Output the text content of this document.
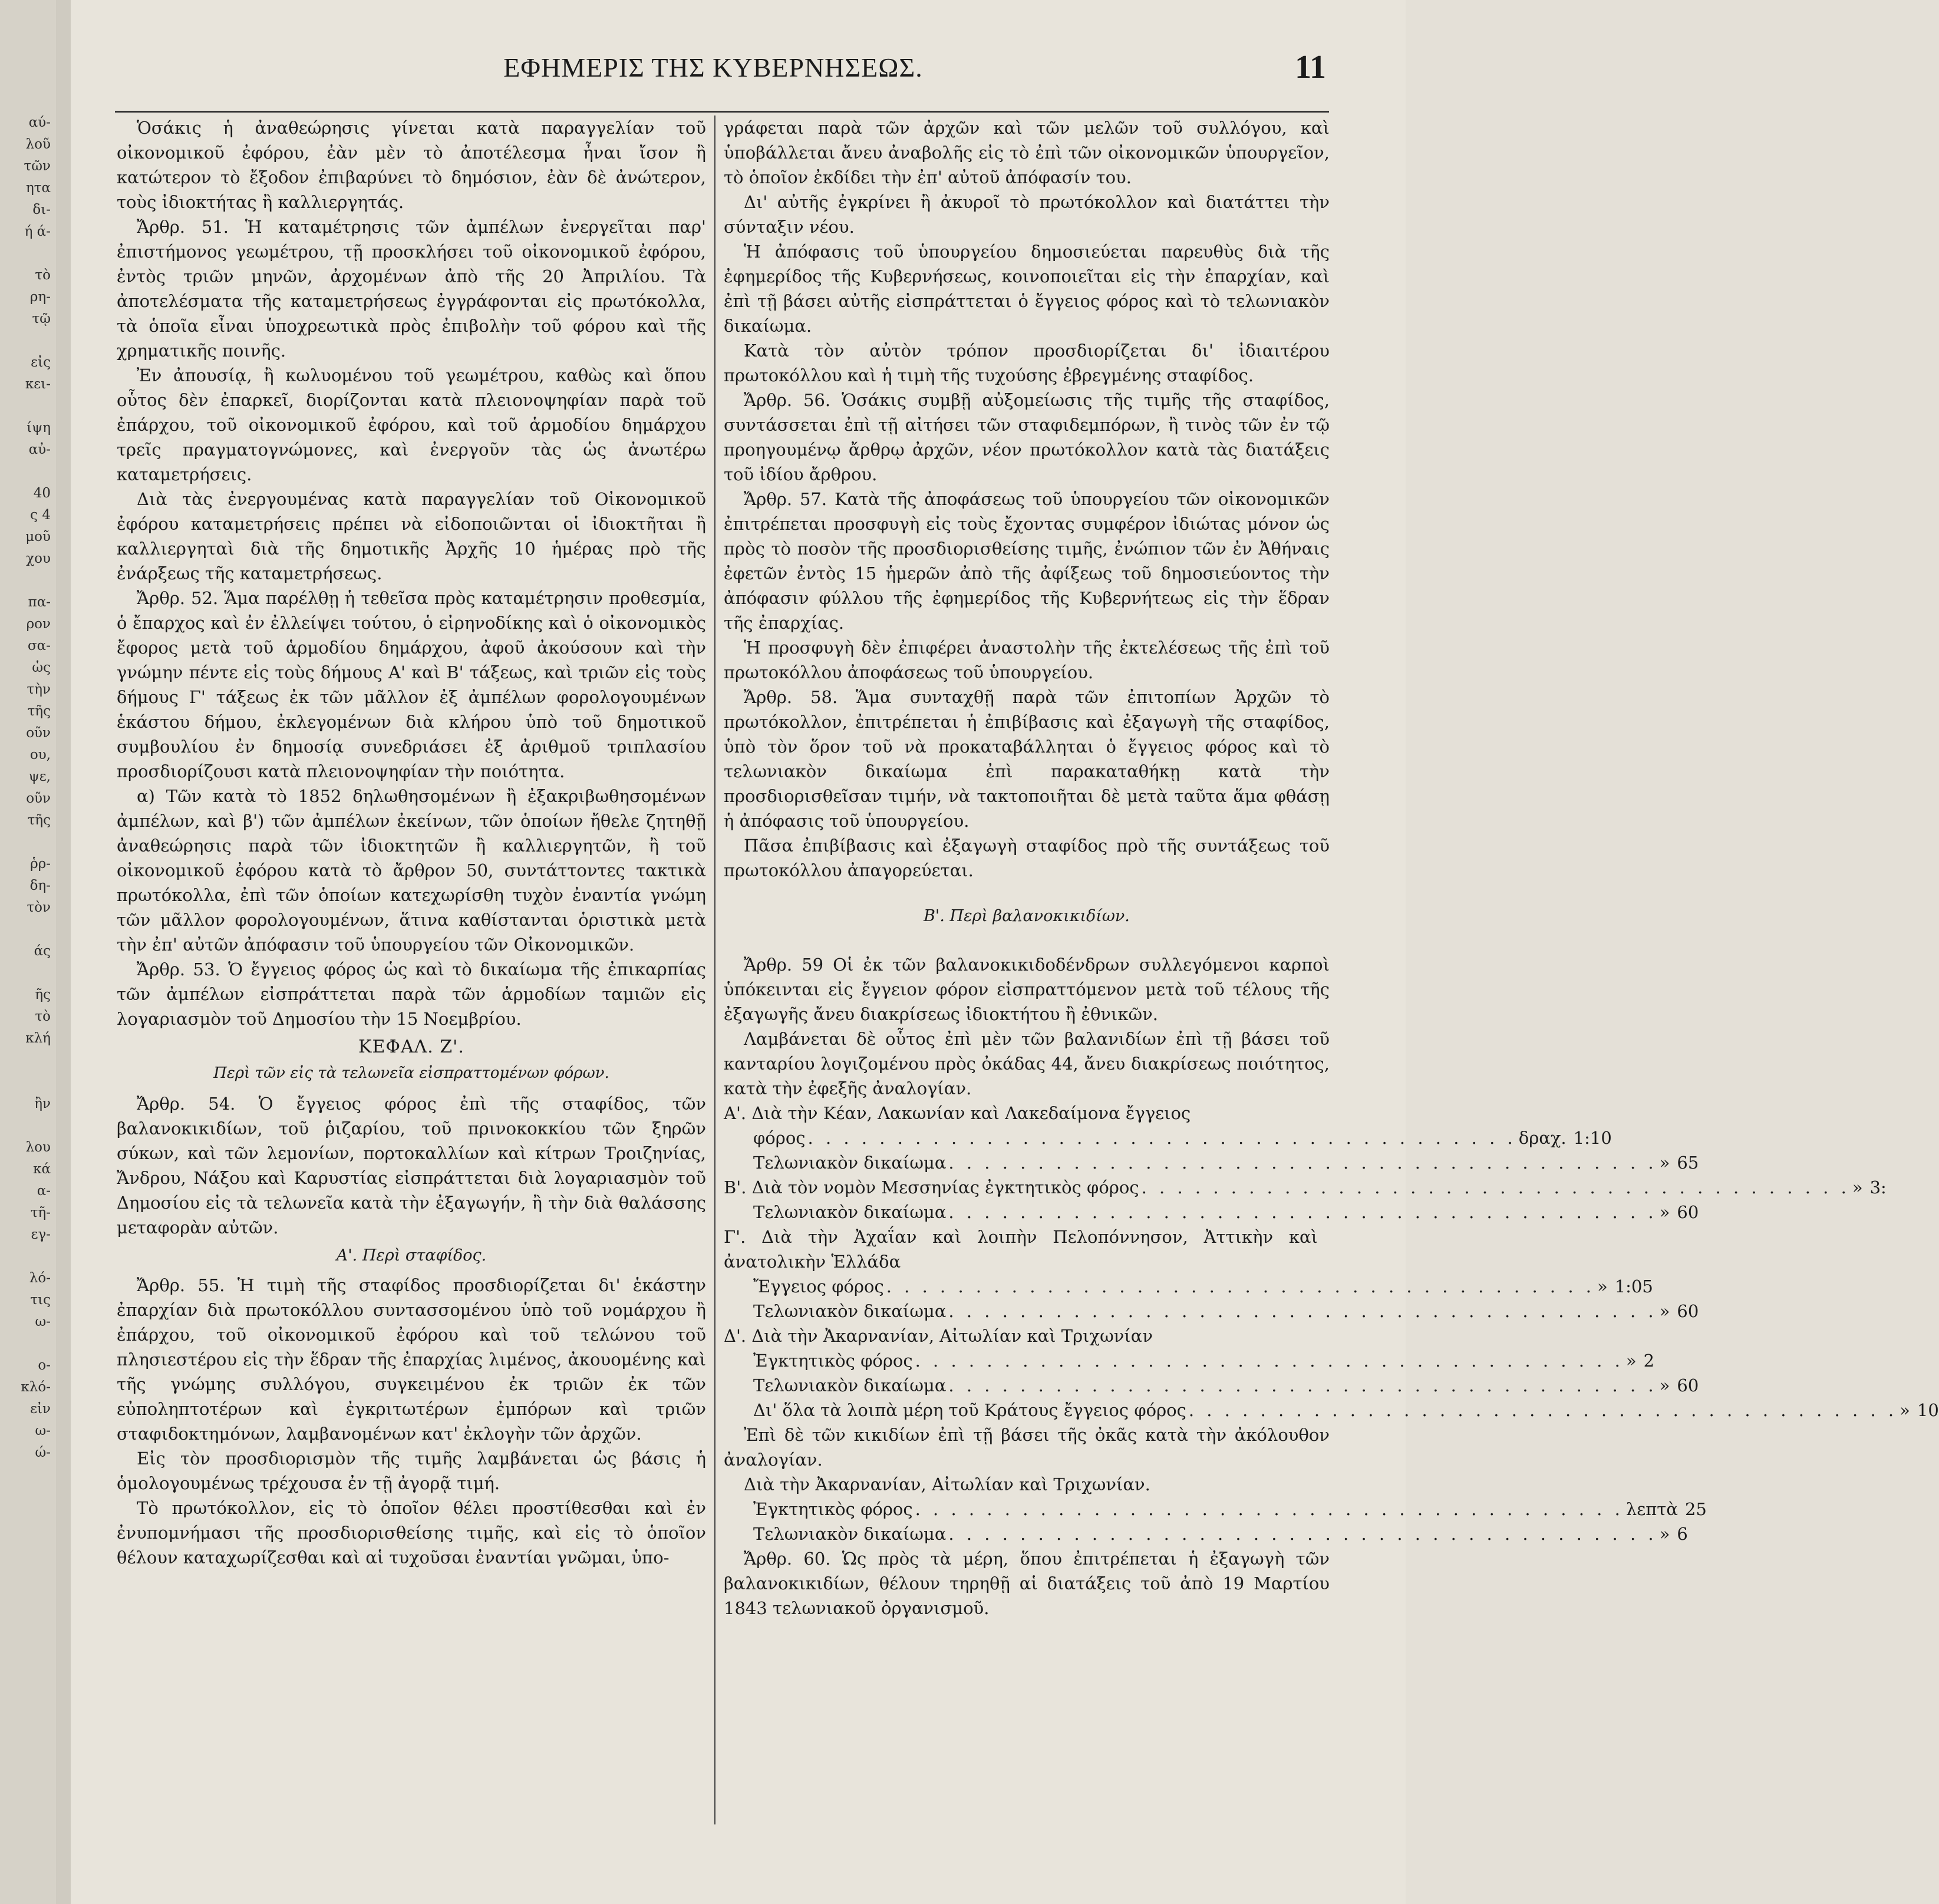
αύ-
λοῦ
τῶν
ητα
δι-
ή ά-
τὸ
ρη-
τῷ
εἰς
κει-
ίψη
αὐ-
40
ς 4
μοῦ
χου
πα-
ρον
σα-
ὡς
τὴν
τῆς
οῦν
ου,
ψε,
οῦν
τῆς
ῥρ-
δη-
τὸν
άς
ῆς
τὸ
κλή
ἢν
λου
κά
α-
τῆ-
εγ-
λό-
τις
ω-
ο-
κλό-
εἰν
ω-
ώ-
ΕΦΗΜΕΡΙΣ ΤΗΣ ΚΥΒΕΡΝΗΣΕΩΣ.	11

Ὁσάκις ἡ ἀναθεώρησις γίνεται κατὰ παραγγελίαν τοῦ οἰκονομικοῦ ἐφόρου, ἐὰν μὲν τὸ ἀποτέλεσμα ἦναι ἴσον ἢ κατώτερον τὸ ἔξοδον ἐπιβαρύνει τὸ δημόσιον, ἐὰν δὲ ἀνώτερον, τοὺς ἰδιοκτήτας ἢ καλλιεργητάς.

Ἄρθρ. 51. Ἡ καταμέτρησις τῶν ἀμπέλων ἐνεργεῖται παρ' ἐπιστήμονος γεωμέτρου, τῇ προσκλήσει τοῦ οἰκονομικοῦ ἐφόρου, ἐντὸς τριῶν μηνῶν, ἀρχομένων ἀπὸ τῆς 20 Ἀπριλίου. Τὰ ἀποτελέσματα τῆς καταμετρήσεως ἐγγράφονται εἰς πρωτόκολλα, τὰ ὁποῖα εἶναι ὑποχρεωτικὰ πρὸς ἐπιβολὴν τοῦ φόρου καὶ τῆς χρηματικῆς ποινῆς.

Ἐν ἀπουσίᾳ, ἢ κωλυομένου τοῦ γεωμέτρου, καθὼς καὶ ὅπου οὗτος δὲν ἐπαρκεῖ, διορίζονται κατὰ πλειονοψηφίαν παρὰ τοῦ ἐπάρχου, τοῦ οἰκονομικοῦ ἐφόρου, καὶ τοῦ ἁρμοδίου δημάρχου τρεῖς πραγματογνώμονες, καὶ ἐνεργοῦν τὰς ὡς ἀνωτέρω καταμετρήσεις.

Διὰ τὰς ἐνεργουμένας κατὰ παραγγελίαν τοῦ Οἰκονομικοῦ ἐφόρου καταμετρήσεις πρέπει νὰ εἰδοποιῶνται οἱ ἰδιοκτῆται ἢ καλλιεργηταὶ διὰ τῆς δημοτικῆς Ἀρχῆς 10 ἡμέρας πρὸ τῆς ἐνάρξεως τῆς καταμετρήσεως.

Ἄρθρ. 52. Ἅμα παρέλθῃ ἡ τεθεῖσα πρὸς καταμέτρησιν προθεσμία, ὁ ἔπαρχος καὶ ἐν ἐλλείψει τούτου, ὁ εἰρηνοδίκης καὶ ὁ οἰκονομικὸς ἔφορος μετὰ τοῦ ἁρμοδίου δημάρχου, ἀφοῦ ἀκούσουν καὶ τὴν γνώμην πέντε εἰς τοὺς δήμους Α' καὶ Β' τάξεως, καὶ τριῶν εἰς τοὺς δήμους Γ' τάξεως ἐκ τῶν μᾶλλον ἐξ ἀμπέλων φορολογουμένων ἑκάστου δήμου, ἐκλεγομένων διὰ κλήρου ὑπὸ τοῦ δημοτικοῦ συμβουλίου ἐν δημοσίᾳ συνεδριάσει ἐξ ἀριθμοῦ τριπλασίου προσδιορίζουσι κατὰ πλειονοψηφίαν τὴν ποιότητα.

α) Τῶν κατὰ τὸ 1852 δηλωθησομένων ἢ ἐξακριβωθησομένων ἀμπέλων, καὶ β') τῶν ἀμπέλων ἐκείνων, τῶν ὁποίων ἤθελε ζητηθῇ ἀναθεώρησις παρὰ τῶν ἰδιοκτητῶν ἢ καλλιεργητῶν, ἢ τοῦ οἰκονομικοῦ ἐφόρου κατὰ τὸ ἄρθρον 50, συντάττοντες τακτικὰ πρωτόκολλα, ἐπὶ τῶν ὁποίων κατεχωρίσθη τυχὸν ἐναντία γνώμη τῶν μᾶλλον φορολογουμένων, ἅτινα καθίστανται ὁριστικὰ μετὰ τὴν ἐπ' αὐτῶν ἀπόφασιν τοῦ ὑπουργείου τῶν Οἰκονομικῶν.

Ἄρθρ. 53. Ὁ ἔγγειος φόρος ὡς καὶ τὸ δικαίωμα τῆς ἐπικαρπίας τῶν ἀμπέλων εἰσπράττεται παρὰ τῶν ἁρμοδίων ταμιῶν εἰς λογαριασμὸν τοῦ Δημοσίου τὴν 15 Νοεμβρίου.

ΚΕΦΑΛ. Ζ'.
Περὶ τῶν εἰς τὰ τελωνεῖα εἰσπραττομένων φόρων.

Ἄρθρ. 54. Ὁ ἔγγειος φόρος ἐπὶ τῆς σταφίδος, τῶν βαλανοκικιδίων, τοῦ ῥιζαρίου, τοῦ πρινοκοκκίου τῶν ξηρῶν σύκων, καὶ τῶν λεμονίων, πορτοκαλλίων καὶ κίτρων Τροιζηνίας, Ἄνδρου, Νάξου καὶ Καρυστίας εἰσπράττεται διὰ λογαριασμὸν τοῦ Δημοσίου εἰς τὰ τελωνεῖα κατὰ τὴν ἐξαγωγήν, ἢ τὴν διὰ θαλάσσης μεταφορὰν αὐτῶν.

Α'. Περὶ σταφίδος.

Ἄρθρ. 55. Ἡ τιμὴ τῆς σταφίδος προσδιορίζεται δι' ἑκάστην ἐπαρχίαν διὰ πρωτοκόλλου συντασσομένου ὑπὸ τοῦ νομάρχου ἢ ἐπάρχου, τοῦ οἰκονομικοῦ ἐφόρου καὶ τοῦ τελώνου τοῦ πλησιεστέρου εἰς τὴν ἕδραν τῆς ἐπαρχίας λιμένος, ἀκουομένης καὶ τῆς γνώμης συλλόγου, συγκειμένου ἐκ τριῶν ἐκ τῶν εὐποληπτοτέρων καὶ ἐγκριτωτέρων ἐμπόρων καὶ τριῶν σταφιδοκτημόνων, λαμβανομένων κατ' ἐκλογὴν τῶν ἀρχῶν.

Εἰς τὸν προσδιορισμὸν τῆς τιμῆς λαμβάνεται ὡς βάσις ἡ ὁμολογουμένως τρέχουσα ἐν τῇ ἀγορᾷ τιμή.

Τὸ πρωτόκολλον, εἰς τὸ ὁποῖον θέλει προστίθεσθαι καὶ ἐν ἐνυπομνήμασι τῆς προσδιορισθείσης τιμῆς, καὶ εἰς τὸ ὁποῖον θέλουν καταχωρίζεσθαι καὶ αἱ τυχοῦσαι ἐναντίαι γνῶμαι, ὑπο-

γράφεται παρὰ τῶν ἀρχῶν καὶ τῶν μελῶν τοῦ συλλόγου, καὶ ὑποβάλλεται ἄνευ ἀναβολῆς εἰς τὸ ἐπὶ τῶν οἰκονομικῶν ὑπουργεῖον, τὸ ὁποῖον ἐκδίδει τὴν ἐπ' αὐτοῦ ἀπόφασίν του.

Δι' αὐτῆς ἐγκρίνει ἢ ἀκυροῖ τὸ πρωτόκολλον καὶ διατάττει τὴν σύνταξιν νέου.

Ἡ ἀπόφασις τοῦ ὑπουργείου δημοσιεύεται παρευθὺς διὰ τῆς ἐφημερίδος τῆς Κυβερνήσεως, κοινοποιεῖται εἰς τὴν ἐπαρχίαν, καὶ ἐπὶ τῇ βάσει αὐτῆς εἰσπράττεται ὁ ἔγγειος φόρος καὶ τὸ τελωνιακὸν δικαίωμα.

Κατὰ τὸν αὐτὸν τρόπον προσδιορίζεται δι' ἰδιαιτέρου πρωτοκόλλου καὶ ἡ τιμὴ τῆς τυχούσης ἐβρεγμένης σταφίδος.

Ἄρθρ. 56. Ὁσάκις συμβῇ αὐξομείωσις τῆς τιμῆς τῆς σταφίδος, συντάσσεται ἐπὶ τῇ αἰτήσει τῶν σταφιδεμπόρων, ἢ τινὸς τῶν ἐν τῷ προηγουμένῳ ἄρθρῳ ἀρχῶν, νέον πρωτόκολλον κατὰ τὰς διατάξεις τοῦ ἰδίου ἄρθρου.

Ἄρθρ. 57. Κατὰ τῆς ἀποφάσεως τοῦ ὑπουργείου τῶν οἰκονομικῶν ἐπιτρέπεται προσφυγὴ εἰς τοὺς ἔχοντας συμφέρον ἰδιώτας μόνον ὡς πρὸς τὸ ποσὸν τῆς προσδιορισθείσης τιμῆς, ἐνώπιον τῶν ἐν Ἀθήναις ἐφετῶν ἐντὸς 15 ἡμερῶν ἀπὸ τῆς ἀφίξεως τοῦ δημοσιεύοντος τὴν ἀπόφασιν φύλλου τῆς ἐφημερίδος τῆς Κυβερνήτεως εἰς τὴν ἕδραν τῆς ἐπαρχίας.

Ἡ προσφυγὴ δὲν ἐπιφέρει ἀναστολὴν τῆς ἐκτελέσεως τῆς ἐπὶ τοῦ πρωτοκόλλου ἀποφάσεως τοῦ ὑπουργείου.

Ἄρθρ. 58. Ἅμα συνταχθῇ παρὰ τῶν ἐπιτοπίων Ἀρχῶν τὸ πρωτόκολλον, ἐπιτρέπεται ἡ ἐπιβίβασις καὶ ἐξαγωγὴ τῆς σταφίδος, ὑπὸ τὸν ὅρον τοῦ νὰ προκαταβάλληται ὁ ἔγγειος φόρος καὶ τὸ τελωνιακὸν δικαίωμα ἐπὶ παρακαταθήκῃ κατὰ τὴν προσδιορισθεῖσαν τιμήν, νὰ τακτοποιῆται δὲ μετὰ ταῦτα ἅμα φθάσῃ ἡ ἀπόφασις τοῦ ὑπουργείου.

Πᾶσα ἐπιβίβασις καὶ ἐξαγωγὴ σταφίδος πρὸ τῆς συντάξεως τοῦ πρωτοκόλλου ἀπαγορεύεται.

Β'. Περὶ βαλανοκικιδίων.

Ἄρθρ. 59 Οἱ ἐκ τῶν βαλανοκικιδοδένδρων συλλεγόμενοι καρποὶ ὑπόκεινται εἰς ἔγγειον φόρον εἰσπραττόμενον μετὰ τοῦ τέλους τῆς ἐξαγωγῆς ἄνευ διακρίσεως ἰδιοκτήτου ἢ ἐθνικῶν.

Λαμβάνεται δὲ οὗτος ἐπὶ μὲν τῶν βαλανιδίων ἐπὶ τῇ βάσει τοῦ κανταρίου λογιζομένου πρὸς ὀκάδας 44, ἄνευ διακρίσεως ποιότητος, κατὰ τὴν ἐφεξῆς ἀναλογίαν.

Α'. Διὰ τὴν Κέαν, Λακωνίαν καὶ Λακεδαίμονα ἔγγειος
φόρος . . . . . . . . . . . . . . . . . . . . . . . . . . . . . . . . . . . . . . . . δραχ. 1:10
Τελωνιακὸν δικαίωμα . . . . . . . . . . . . . . . . . . . . . . . . . . . . . . . . . . . . . . . . » 65
Β'. Διὰ τὸν νομὸν Μεσσηνίας ἐγκτητικὸς φόρος . . . . . . . . . . . . . . . . . . . . . . . . . . . . . . . . . . . . . . . . » 3:
Τελωνιακὸν δικαίωμα . . . . . . . . . . . . . . . . . . . . . . . . . . . . . . . . . . . . . . . . » 60
Γ'. Διὰ τὴν Ἀχαΐαν καὶ λοιπὴν Πελοπόννησον, Ἀττικὴν καὶ ἀνατολικὴν Ἑλλάδα
Ἔγγειος φόρος . . . . . . . . . . . . . . . . . . . . . . . . . . . . . . . . . . . . . . . . » 1:05
Τελωνιακὸν δικαίωμα . . . . . . . . . . . . . . . . . . . . . . . . . . . . . . . . . . . . . . . . » 60
Δ'. Διὰ τὴν Ἀκαρνανίαν, Αἰτωλίαν καὶ Τριχωνίαν
Ἐγκτητικὸς φόρος . . . . . . . . . . . . . . . . . . . . . . . . . . . . . . . . . . . . . . . . » 2
Τελωνιακὸν δικαίωμα . . . . . . . . . . . . . . . . . . . . . . . . . . . . . . . . . . . . . . . . » 60
Δι' ὅλα τὰ λοιπὰ μέρη τοῦ Κράτους ἔγγειος φόρος . . . . . . . . . . . . . . . . . . . . . . . . . . . . . . . . . . . . . . . . » 10

Ἐπὶ δὲ τῶν κικιδίων ἐπὶ τῇ βάσει τῆς ὀκᾶς κατὰ τὴν ἀκόλουθον ἀναλογίαν.

Διὰ τὴν Ἀκαρνανίαν, Αἰτωλίαν καὶ Τριχωνίαν.
Ἐγκτητικὸς φόρος . . . . . . . . . . . . . . . . . . . . . . . . . . . . . . . . . . . . . . . . λεπτὰ 25
Τελωνιακὸν δικαίωμα . . . . . . . . . . . . . . . . . . . . . . . . . . . . . . . . . . . . . . . . » 6

Ἄρθρ. 60. Ὡς πρὸς τὰ μέρη, ὅπου ἐπιτρέπεται ἡ ἐξαγωγὴ τῶν βαλανοκικιδίων, θέλουν τηρηθῇ αἱ διατάξεις τοῦ ἀπὸ 19 Μαρτίου 1843 τελωνιακοῦ ὀργανισμοῦ.
